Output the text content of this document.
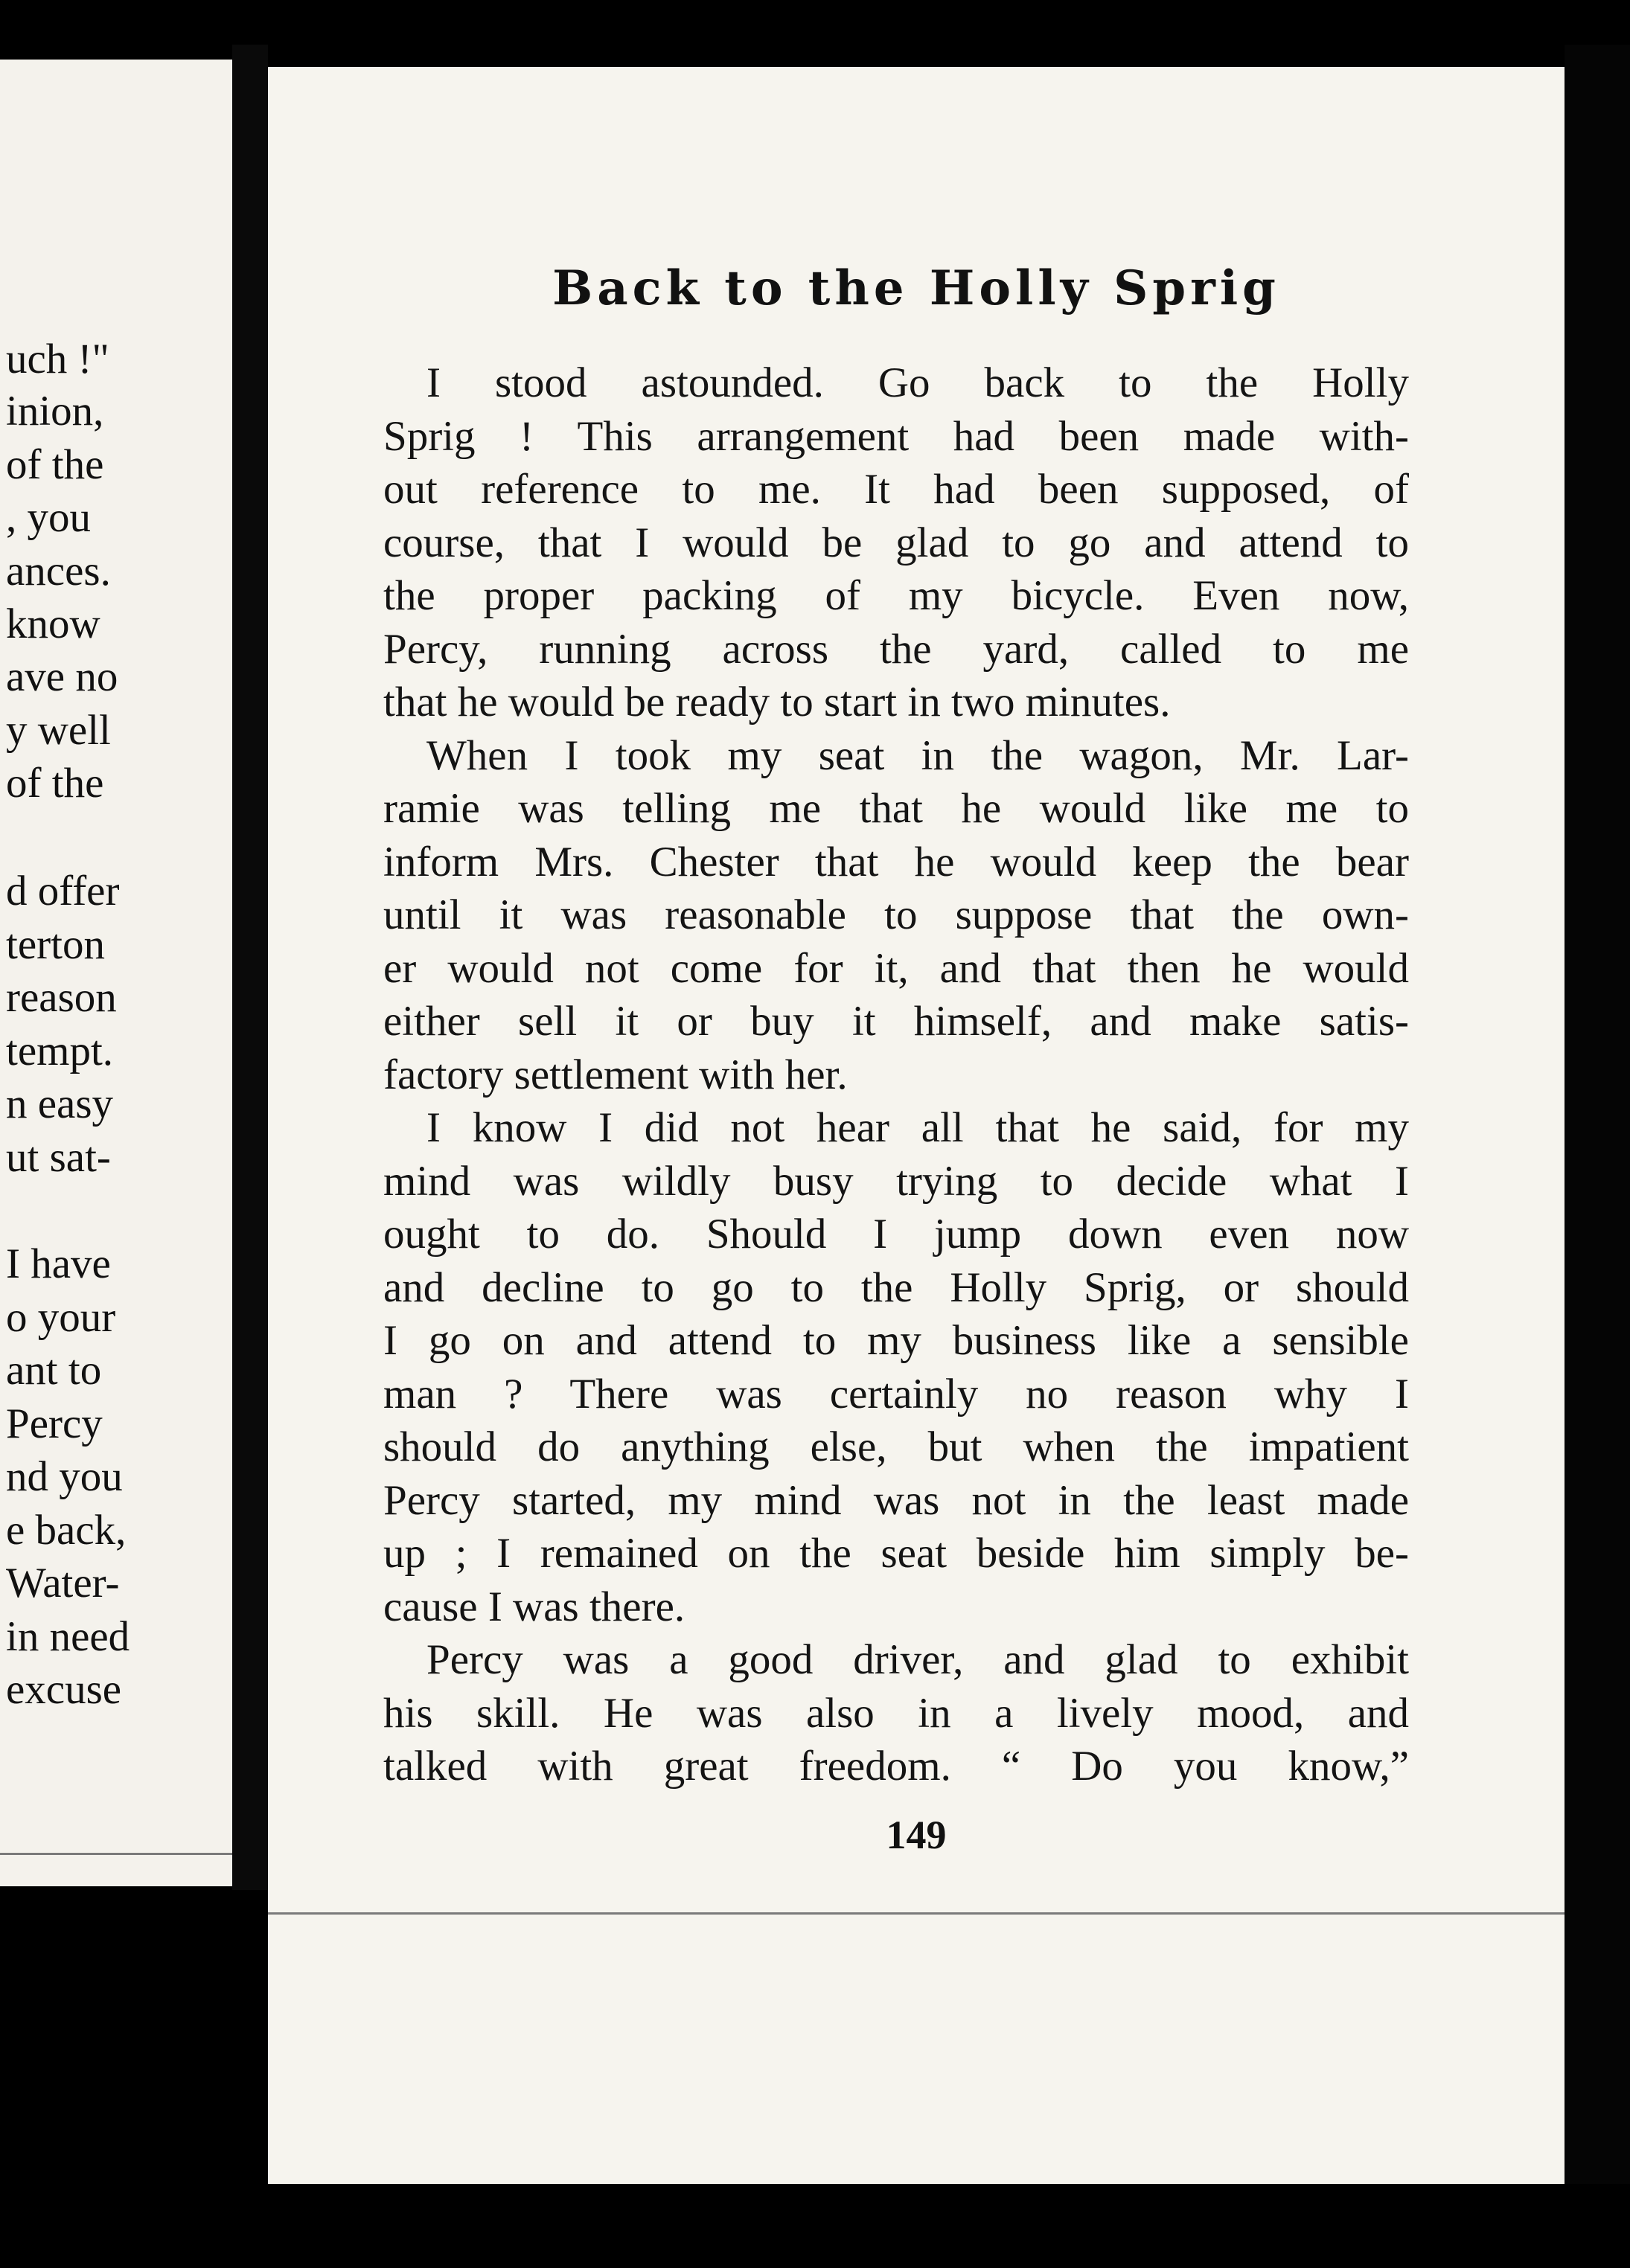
uch !"
inion,
of the
, you
ances.
know
ave no
y well
of the
d offer
terton
reason
tempt.
n easy
ut sat-
I have
o your
ant to
Percy
nd you
e back,
Water-
in need
excuse
Back to the Holly Sprig
I stood astounded. Go back to the Holly
Sprig ! This arrangement had been made with-
out reference to me. It had been supposed, of
course, that I would be glad to go and attend to
the proper packing of my bicycle. Even now,
Percy, running across the yard, called to me
that he would be ready to start in two minutes.
When I took my seat in the wagon, Mr. Lar-
ramie was telling me that he would like me to
inform Mrs. Chester that he would keep the bear
until it was reasonable to suppose that the own-
er would not come for it, and that then he would
either sell it or buy it himself, and make satis-
factory settlement with her.
I know I did not hear all that he said, for my
mind was wildly busy trying to decide what I
ought to do. Should I jump down even now
and decline to go to the Holly Sprig, or should
I go on and attend to my business like a sensible
man ? There was certainly no reason why I
should do anything else, but when the impatient
Percy started, my mind was not in the least made
up ; I remained on the seat beside him simply be-
cause I was there.
Percy was a good driver, and glad to exhibit
his skill. He was also in a lively mood, and
talked with great freedom. “ Do you know,”
149
